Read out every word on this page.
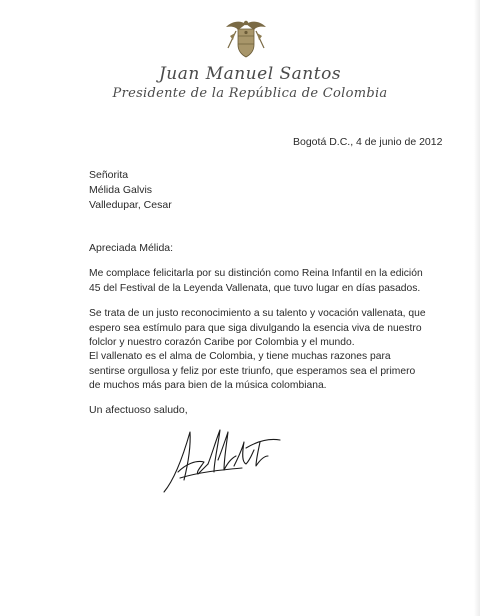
Juan Manuel Santos
Presidente de la República de Colombia
Bogotá D.C., 4 de junio de 2012
Señorita
Mélida Galvis
Valledupar, Cesar
Apreciada Mélida:

Me complace felicitarla por su distinción como Reina Infantil en la edición 45 del Festival de la Leyenda Vallenata, que tuvo lugar en días pasados.

Se trata de un justo reconocimiento a su talento y vocación vallenata, que espero sea estímulo para que siga divulgando la esencia viva de nuestro folclor y nuestro corazón Caribe por Colombia y el mundo.

El vallenato es el alma de Colombia, y tiene muchas razones para sentirse orgullosa y feliz por este triunfo, que esperamos sea el primero de muchos más para bien de la música colombiana.

Un afectuoso saludo,
